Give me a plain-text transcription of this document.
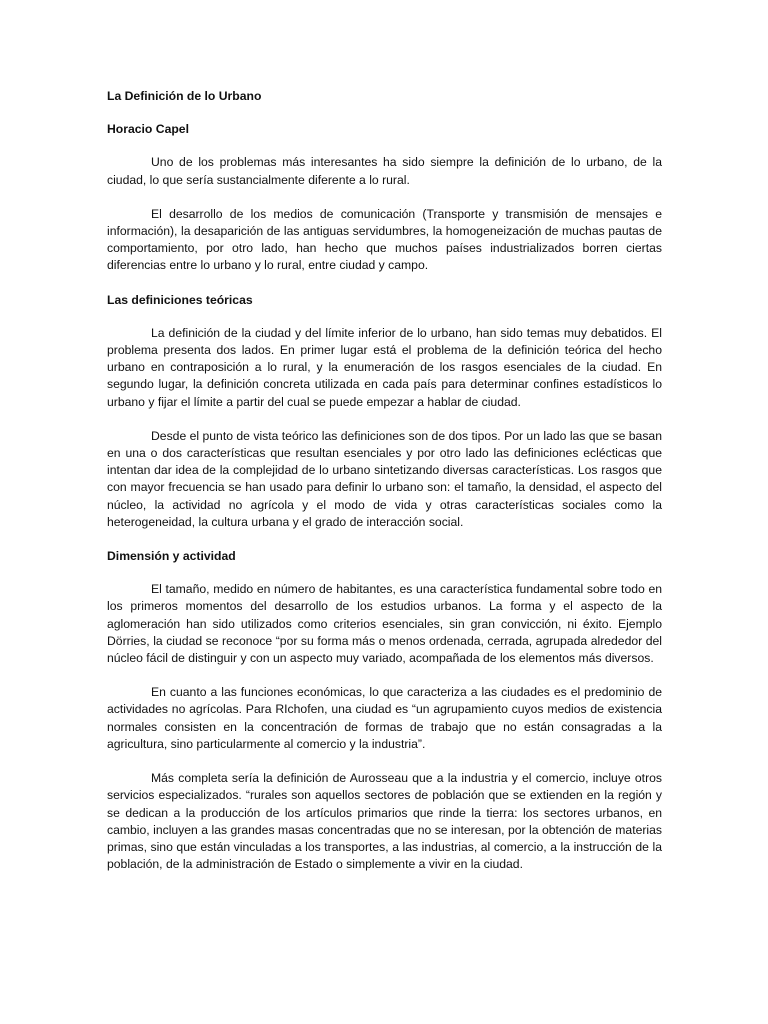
La Definición de lo Urbano

Horacio Capel

Uno de los problemas más interesantes ha sido siempre la definición de lo urbano, de la ciudad, lo que sería sustancialmente diferente a lo rural.

El desarrollo de los medios de comunicación (Transporte y transmisión de mensajes e información), la desaparición de las antiguas servidumbres, la homogeneización de muchas pautas de comportamiento, por otro lado, han hecho que muchos países industrializados borren ciertas diferencias entre lo urbano y lo rural, entre ciudad y campo.

Las definiciones teóricas

La definición de la ciudad y del límite inferior de lo urbano, han sido temas muy debatidos. El problema presenta dos lados. En primer lugar está el problema de la definición teórica del hecho urbano en contraposición a lo rural, y la enumeración de los rasgos esenciales de la ciudad. En segundo lugar, la definición concreta utilizada en cada país para determinar confines estadísticos lo urbano y fijar el límite a partir del cual se puede empezar a hablar de ciudad.

Desde el punto de vista teórico las definiciones son de dos tipos. Por un lado las que se basan en una o dos características que resultan esenciales y por otro lado las definiciones eclécticas que intentan dar idea de la complejidad de lo urbano sintetizando diversas características. Los rasgos que con mayor frecuencia se han usado para definir lo urbano son: el tamaño, la densidad, el aspecto del núcleo, la actividad no agrícola y el modo de vida y otras características sociales como la heterogeneidad, la cultura urbana y el grado de interacción social.

Dimensión y actividad

El tamaño, medido en número de habitantes, es una característica fundamental sobre todo en los primeros momentos del desarrollo de los estudios urbanos. La forma y el aspecto de la aglomeración han sido utilizados como criterios esenciales, sin gran convicción, ni éxito. Ejemplo Dörries, la ciudad se reconoce “por su forma más o menos ordenada, cerrada, agrupada alrededor del núcleo fácil de distinguir y con un aspecto muy variado, acompañada de los elementos más diversos.

En cuanto a las funciones económicas, lo que caracteriza a las ciudades es el predominio de actividades no agrícolas. Para RIchofen, una ciudad es “un agrupamiento cuyos medios de existencia normales consisten en la concentración de formas de trabajo que no están consagradas a la agricultura, sino particularmente al comercio y la industria”.

Más completa sería la definición de Aurosseau que a la industria y el comercio, incluye otros servicios especializados. “rurales son aquellos sectores de población que se extienden en la región y se dedican a la producción de los artículos primarios que rinde la tierra: los sectores urbanos, en cambio, incluyen a las grandes masas concentradas que no se interesan, por la obtención de materias primas, sino que están vinculadas a los transportes, a las industrias, al comercio, a la instrucción de la población, de la administración de Estado o simplemente a vivir en la ciudad.
